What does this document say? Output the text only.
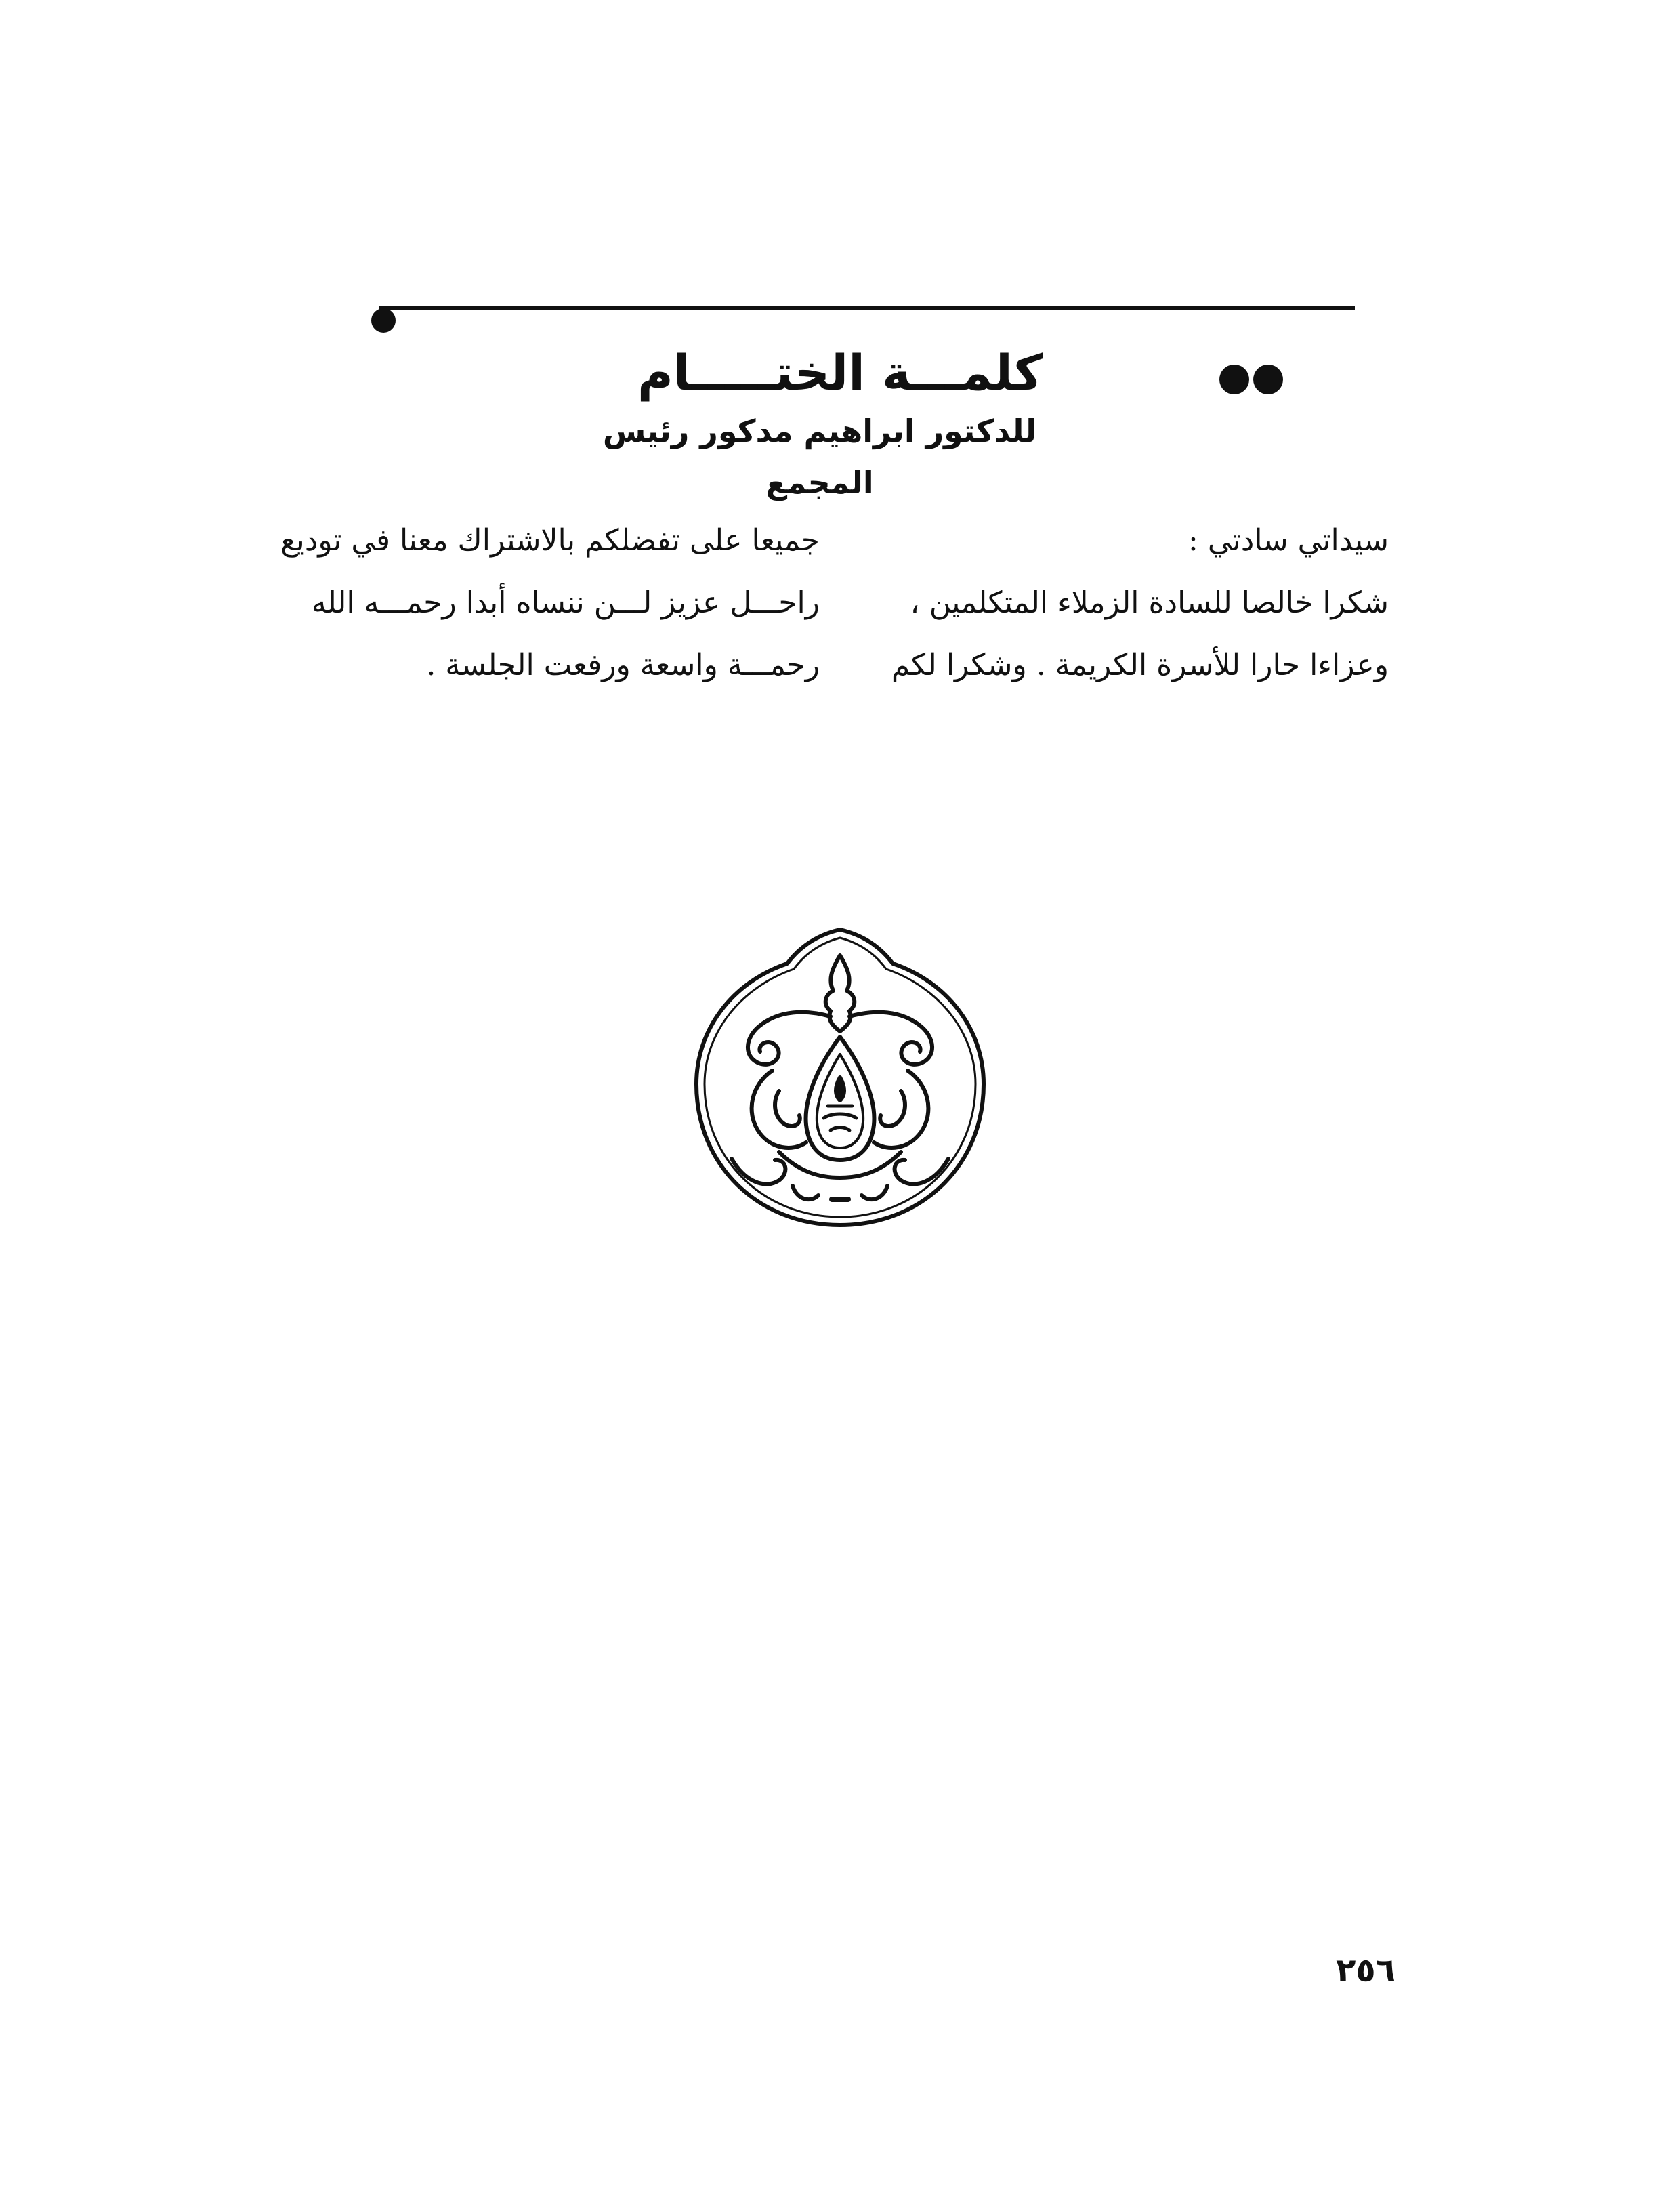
كلمـــة الختـــــام
للدكتور ابراهيم مدكور رئيس المجمع
سيداتي سادتي :
شكرا خالصا للسادة الزملاء المتكلمين ،
وعزاءا حارا للأسرة الكريمة . وشكرا لكم
جميعا على تفضلكم بالاشتراك معنا في توديع
راحـــل عزيز لـــن ننساه أبدا رحمـــه الله
رحمـــة واسعة ورفعت الجلسة .
٢٥٦
